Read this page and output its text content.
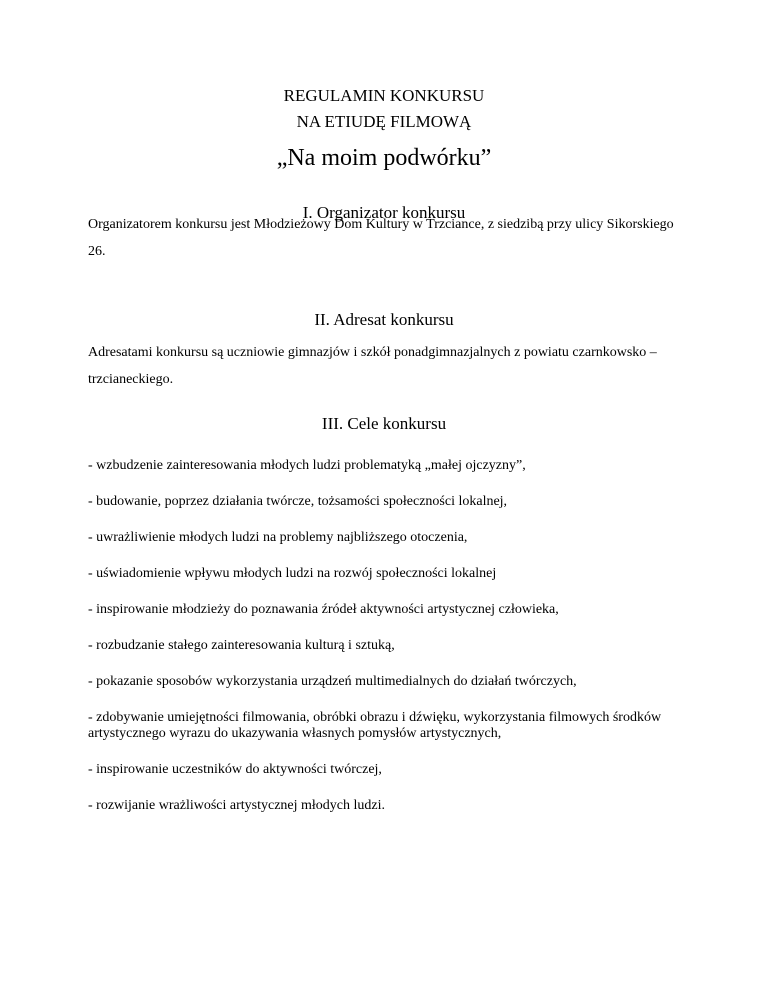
REGULAMIN KONKURSU
NA ETIUDĘ FILMOWĄ
„Na moim podwórku”
I. Organizator konkursu
Organizatorem konkursu jest Młodzieżowy Dom Kultury w Trzciance, z siedzibą przy ulicy Sikorskiego 26.
II. Adresat konkursu
Adresatami konkursu są uczniowie gimnazjów i szkół ponadgimnazjalnych z powiatu czarnkowsko – trzcianeckiego.
III. Cele konkursu
- wzbudzenie zainteresowania młodych ludzi problematyką „małej ojczyzny”,
- budowanie, poprzez działania twórcze, tożsamości społeczności lokalnej,
- uwrażliwienie młodych ludzi na problemy najbliższego otoczenia,
- uświadomienie wpływu młodych ludzi na rozwój społeczności lokalnej
- inspirowanie młodzieży do poznawania źródeł aktywności artystycznej człowieka,
- rozbudzanie stałego zainteresowania kulturą i sztuką,
- pokazanie sposobów wykorzystania urządzeń multimedialnych do działań twórczych,
- zdobywanie umiejętności filmowania, obróbki obrazu i dźwięku, wykorzystania filmowych środków artystycznego wyrazu do ukazywania własnych pomysłów artystycznych,
- inspirowanie uczestników do aktywności twórczej,
- rozwijanie wrażliwości artystycznej młodych ludzi.
